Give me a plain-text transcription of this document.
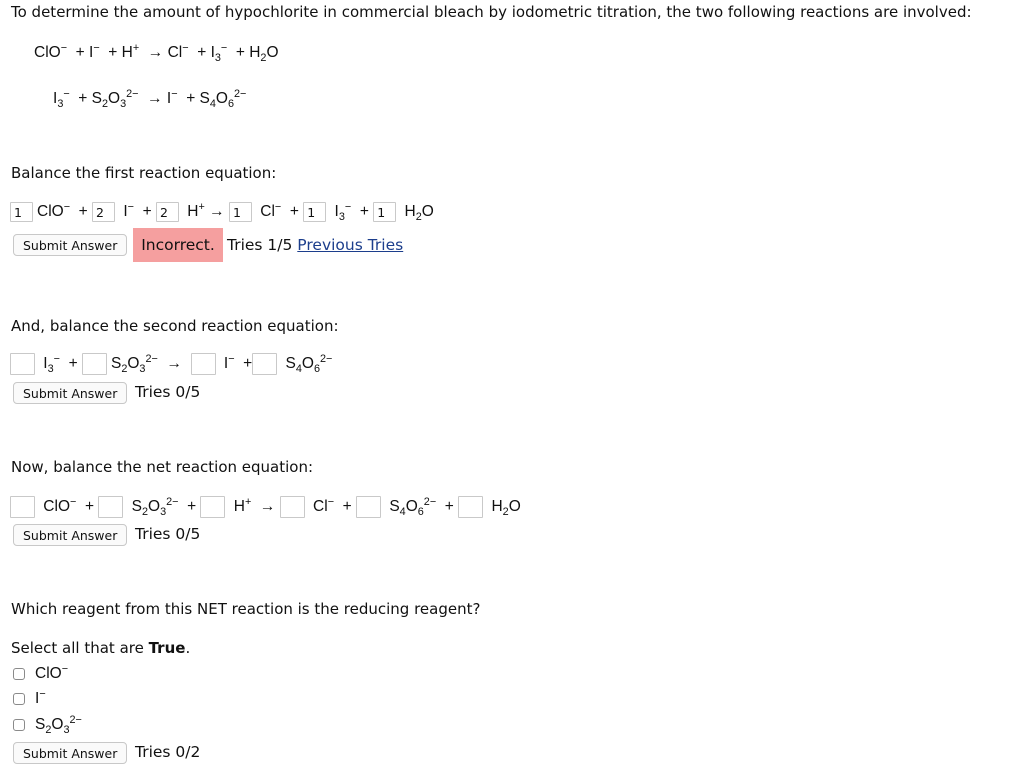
To determine the amount of hypochlorite in commercial bleach by iodometric titration, the two following reactions are involved:
$ClO^- + I^- + H^+ \to Cl^- + I_3^- + H_2O$
$I_3^- + S_2O_3^{2-} \to I^- + S_4O_6^{2-}$
Balance the first reaction equation:
1
ClO−  +
2 I−  +
2 H+ →
1 Cl−  +
1 $I_3^-$  +
1 $H_2O$
Submit Answer	Incorrect. Tries 1/5 Previous Tries
And, balance the second reaction equation:
$I_3^- + S_2O_3^{2-} \to I^- + S_4O_6^{2-}$
Submit Answer	Tries 0/5
Now, balance the net reaction equation:
$ClO^- + S_2O_3^{2-} + H^+ \to Cl^- + S_4O_6^{2-} + H_2O$
Submit Answer	Tries 0/5
Which reagent from this NET reaction is the reducing reagent?
Select all that are True.
ClO−
I−
$S_2O_3^{2-}$
Submit Answer	Tries 0/2
